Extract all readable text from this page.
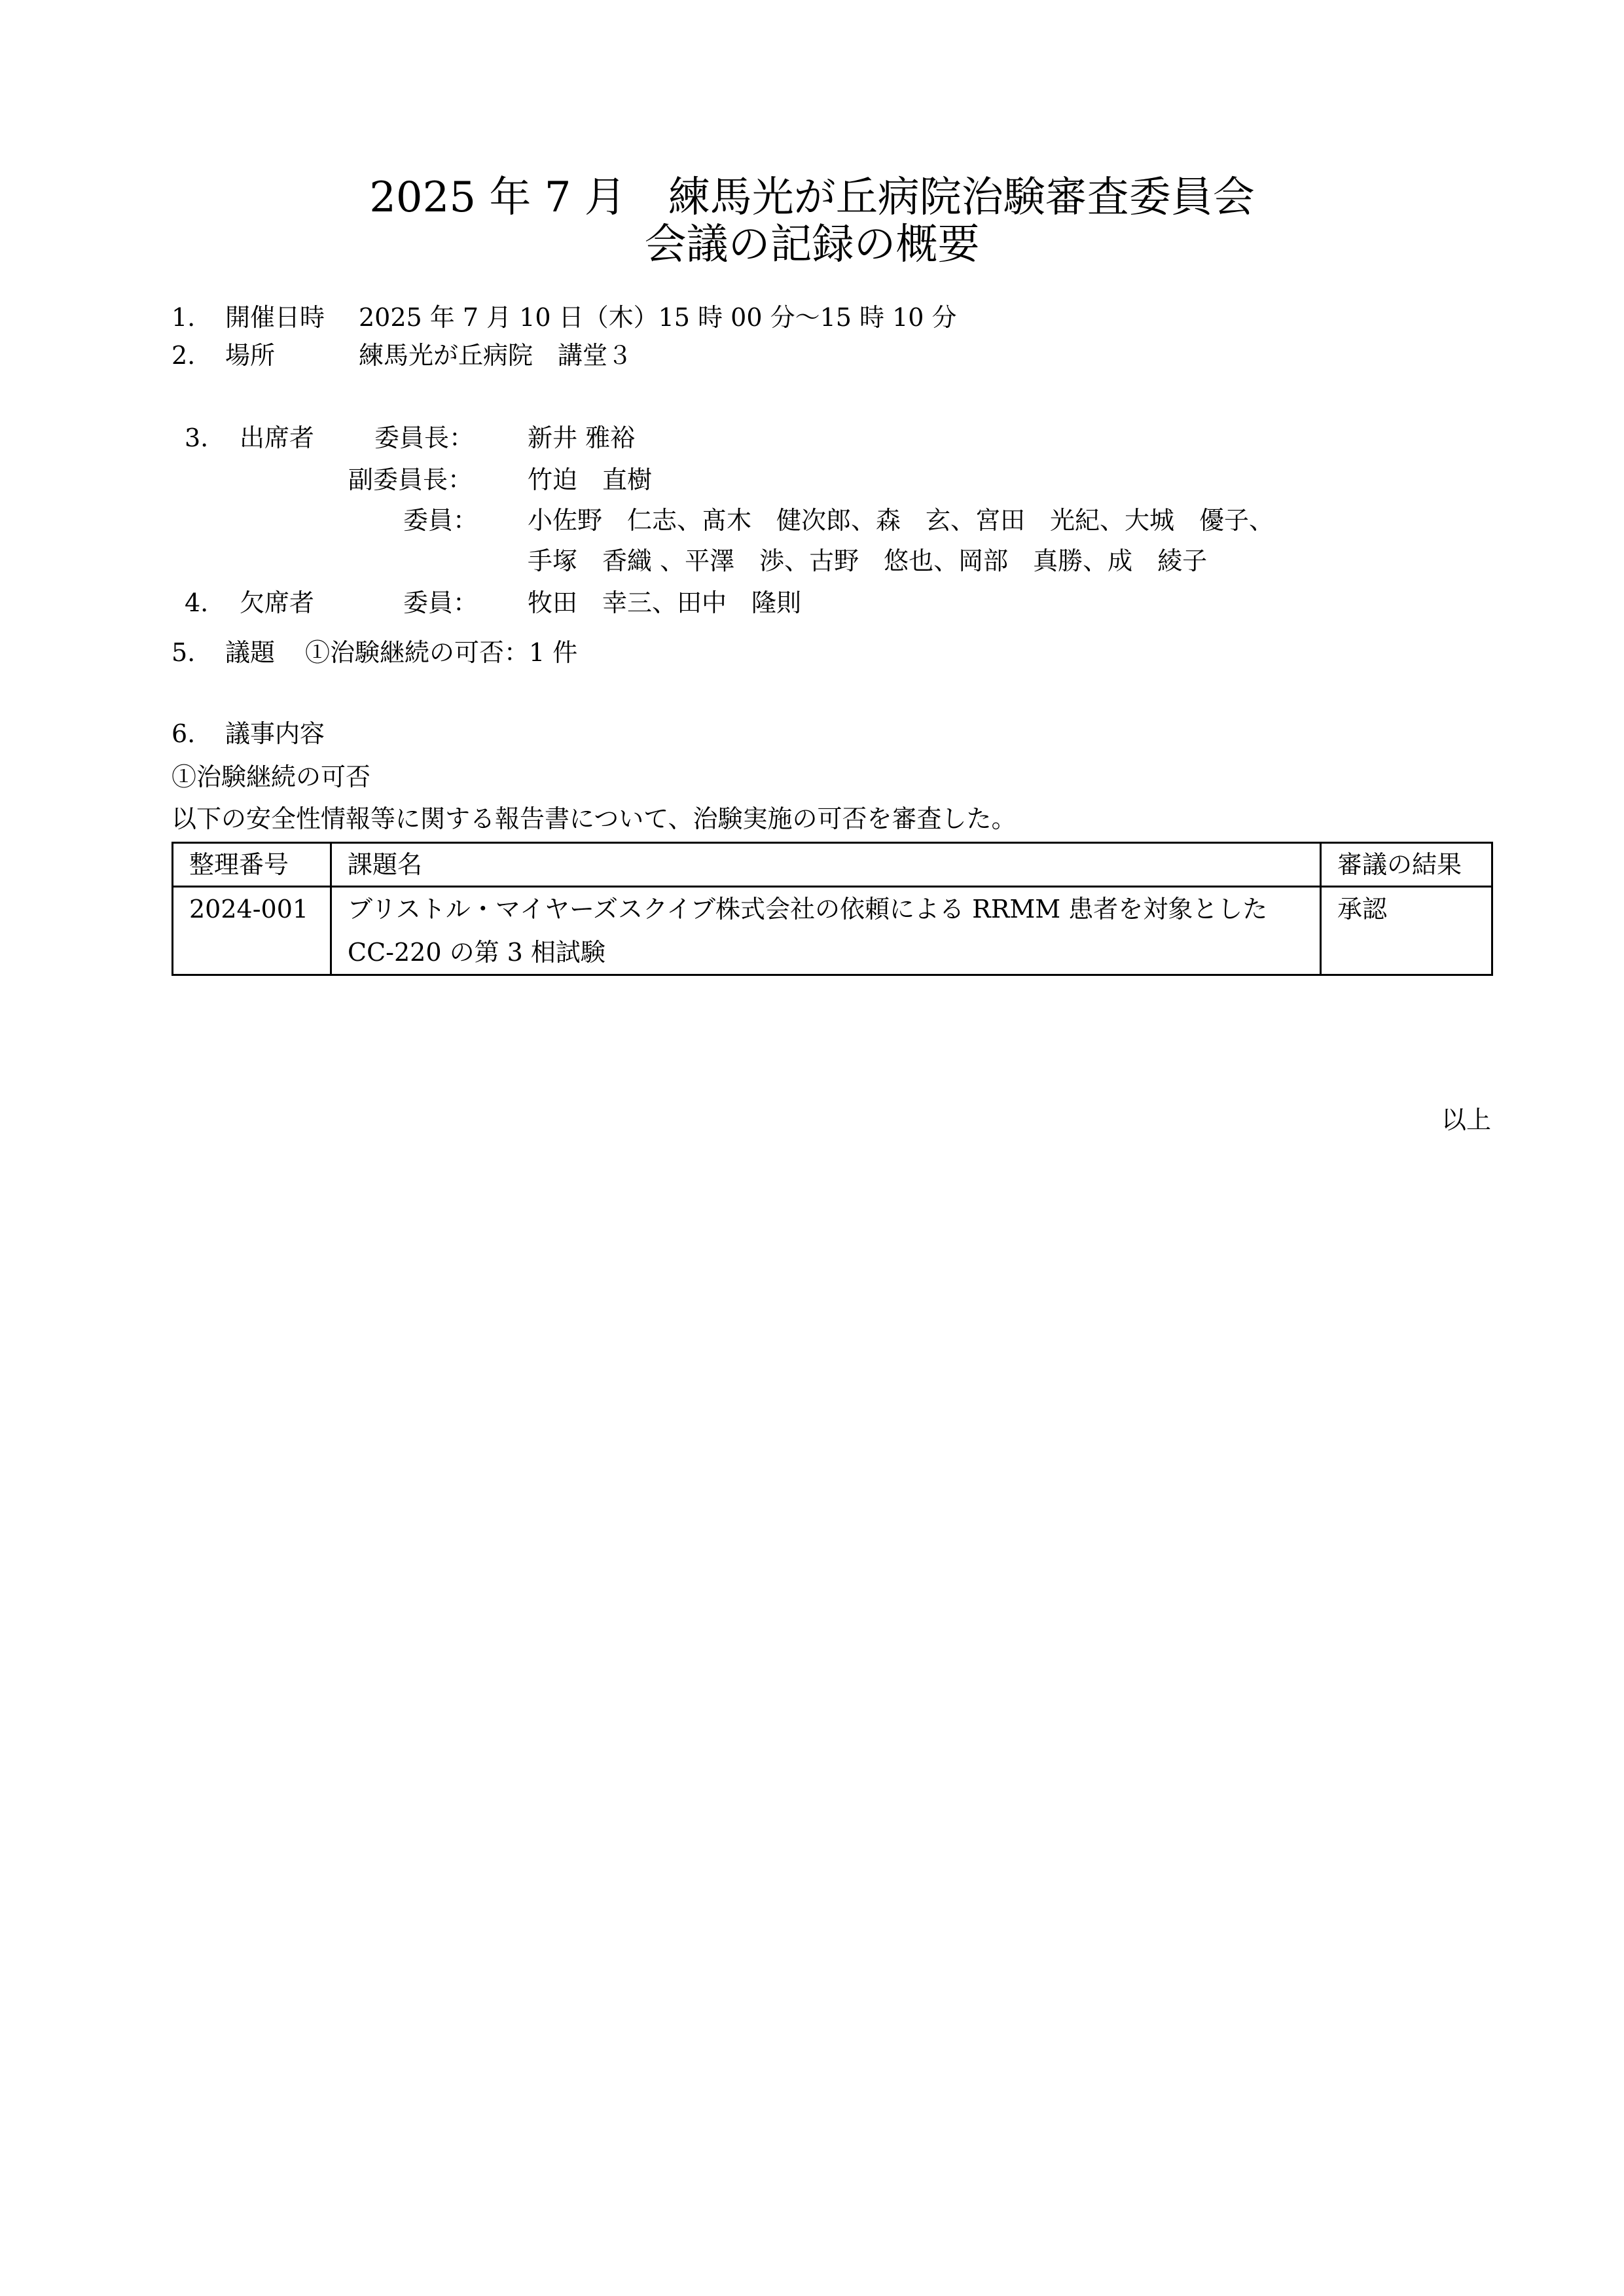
2025 年 7 月　練馬光が丘病院治験審査委員会
会議の記録の概要
1. 開催日時 2025 年 7 月 10 日（木）15 時 00 分～15 時 10 分
2. 場所	練馬光が丘病院　講堂３
3. 出席者 委員長： 新井 雅裕
副委員長： 竹迫　直樹
委員： 小佐野　仁志、髙木　健次郎、森　玄、宮田　光紀、大城　優子、
手塚　香織 、平澤　渉、古野　悠也、岡部　真勝、成　綾子
4. 欠席者	委員： 牧田　幸三、田中　隆則
5. 議題 ①治験継続の可否：1 件
6. 議事内容
①治験継続の可否
以下の安全性情報等に関する報告書について、治験実施の可否を審査した。
整理番号	課題名	審議の結果
2024-001	ブリストル・マイヤーズスクイブ株式会社の依頼による RRMM 患者を対象とした
CC-220 の第 3 相試験	承認
以上
